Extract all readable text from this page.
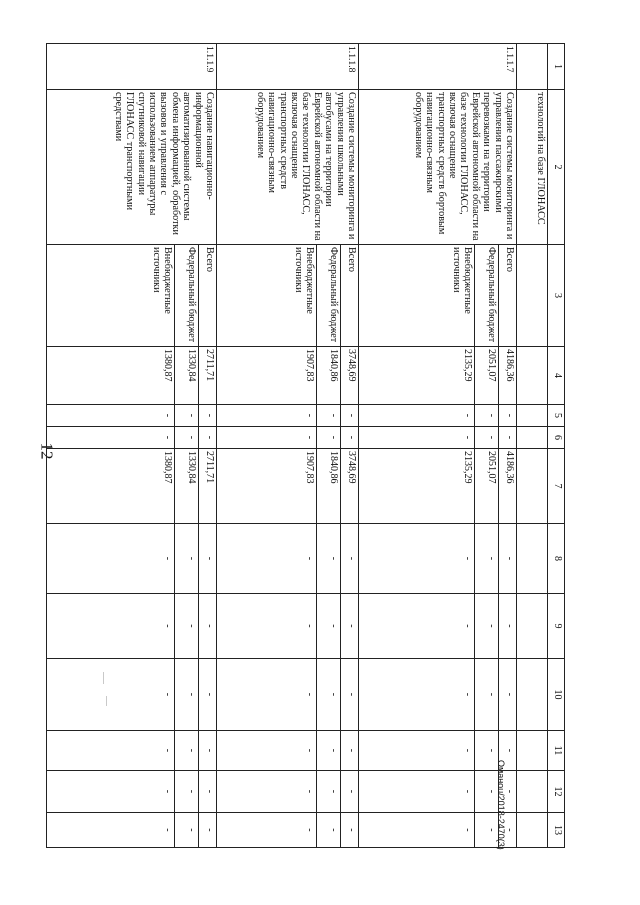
12
Оманоu/2018-2470(3)
1	2	3	4	5	6	7	8	9	10	11	12	13
	технологий на базе ГЛОНАСС											
1.1.1.7	Создание системы мониторинга и управления пассажирскими перевозками на территории Еврейской автономной области на базе технологии ГЛОНАСС, включая оснащение транспортных средств бортовым навигационно-связным оборудованием	Всего	4186,36	-	-	4186,36	-	-	-	-	-	-
		Федеральный бюджет	2051,07	-	-	2051,07	-	-	-	-	-	-
		Внебюджетные источники	2135,29	-	-	2135,29	-	-	-	-	-	-
1.1.1.8	Создание системы мониторинга и управления школьными автобусами на территории Еврейской автономной области на базе технологии ГЛОНАСС, включая оснащение транспортных средств навигационно-связным оборудованием	Всего	3748,69	-	-	3748,69	-	-	-	-	-	-
		Федеральный бюджет	1840,86	-	-	1840,86	-	-	-	-	-	-
		Внебюджетные источники	1907,83	-	-	1907,83	-	-	-	-	-	-
1.1.1.9	Создание навигационно-информационной автоматизированной системы обмена информацией, обработки вызовов и управления с использованием аппаратуры спутниковой навигации ГЛОНАСС транспортными средствами	Всего	2711,71	-	-	2711,71	-	-	-	-	-	-
		Федеральный бюджет	1330,84	-	-	1330,84	-	-	-	-	-	-
		Внебюджетные источники	1380,87	-	-	1380,87	-	-	-	-	-	-
